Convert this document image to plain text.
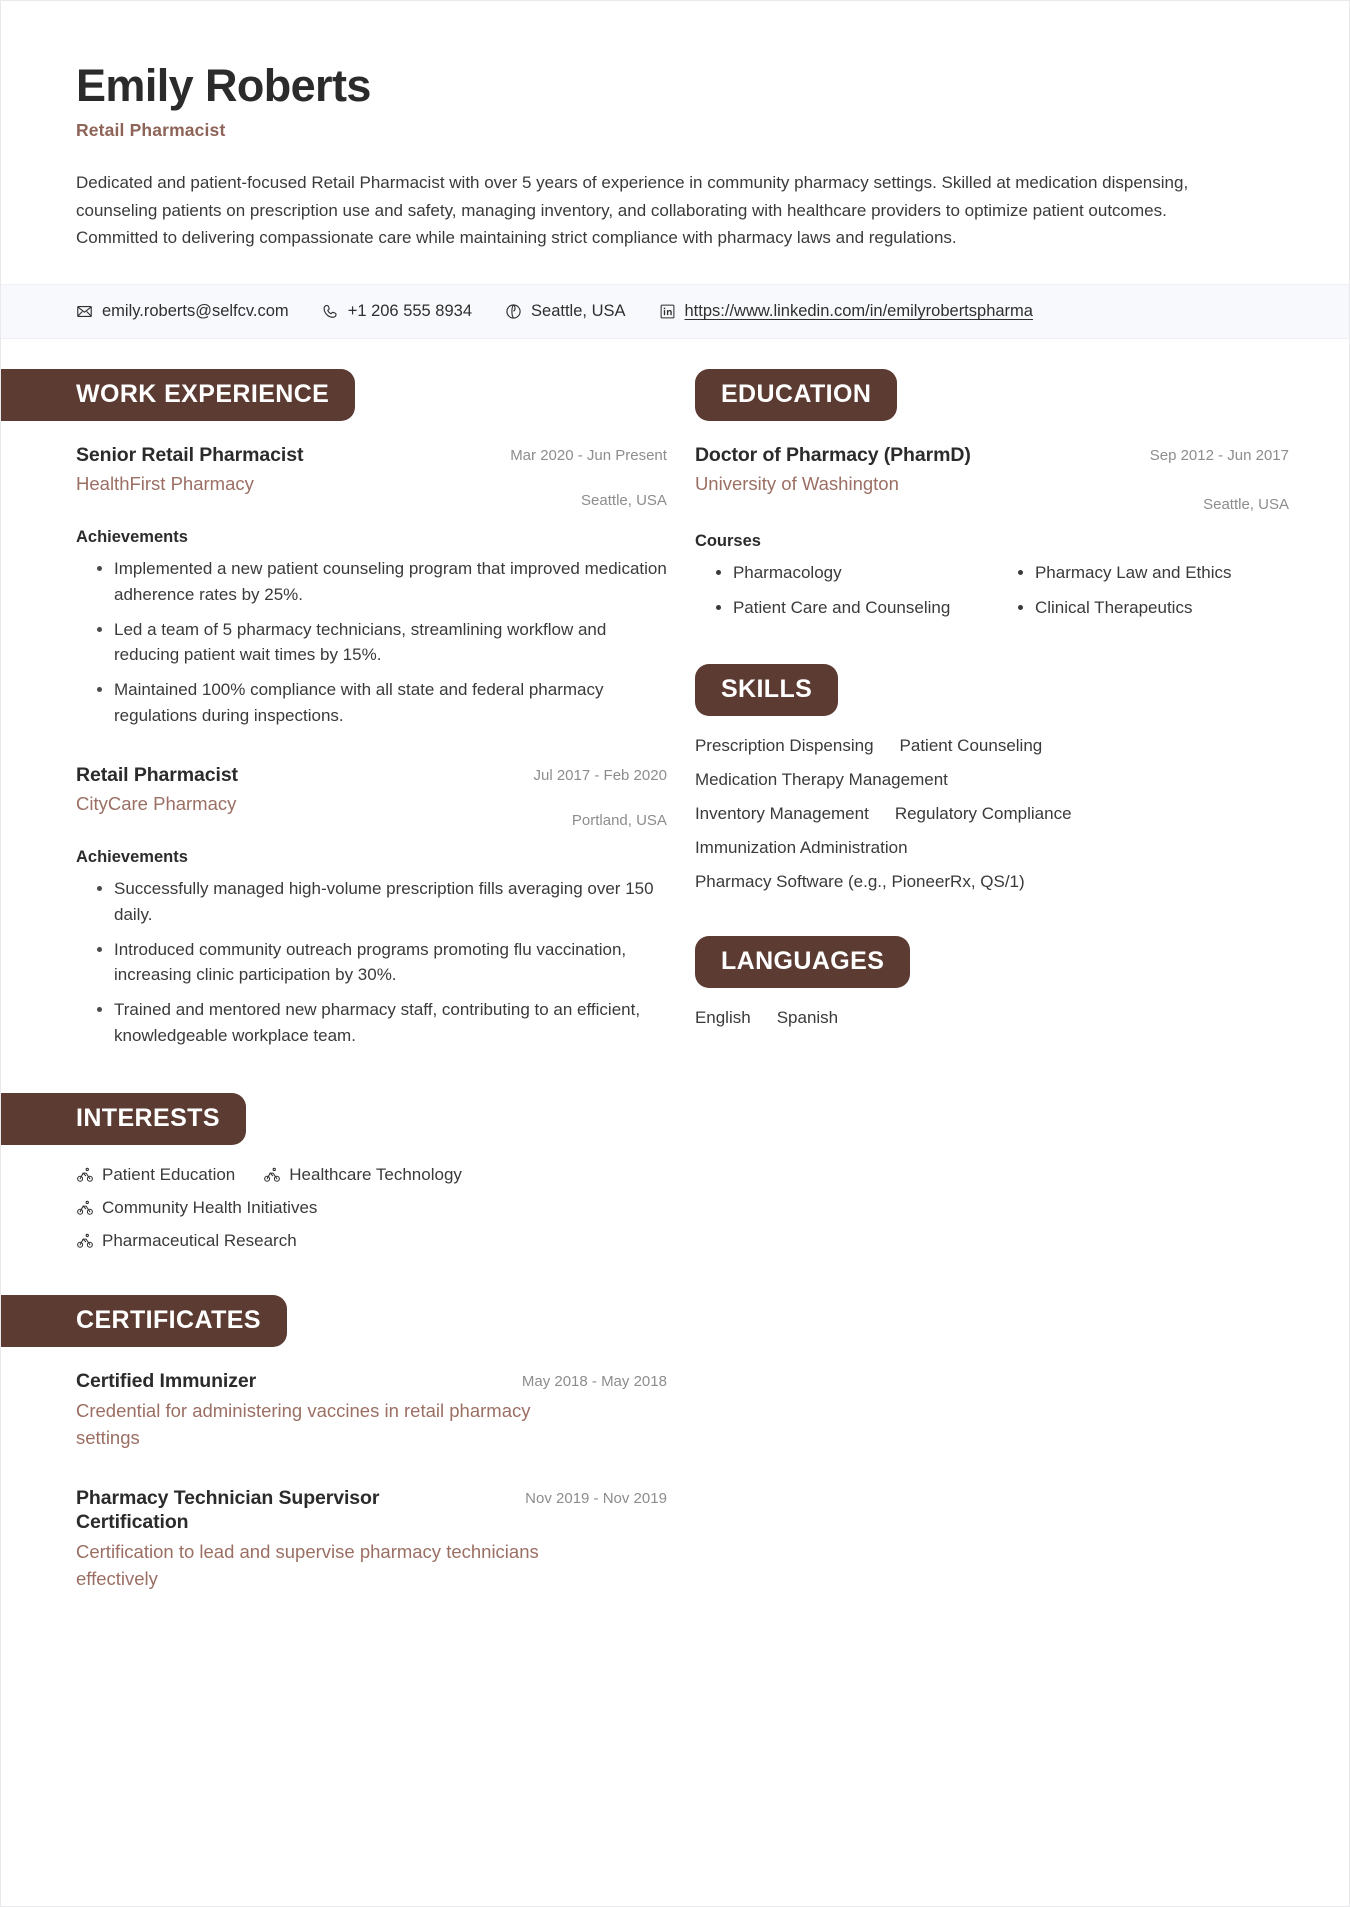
Emily Roberts
Retail Pharmacist
Dedicated and patient-focused Retail Pharmacist with over 5 years of experience in community pharmacy settings. Skilled at medication dispensing, counseling patients on prescription use and safety, managing inventory, and collaborating with healthcare providers to optimize patient outcomes. Committed to delivering compassionate care while maintaining strict compliance with pharmacy laws and regulations.
emily.roberts@selfcv.com	+1 206 555 8934	Seattle, USA	https://www.linkedin.com/in/emilyrobertspharma
WORK EXPERIENCE
Senior Retail Pharmacist
HealthFirst Pharmacy
Mar 2020 - Jun Present
Seattle, USA
Achievements
• Implemented a new patient counseling program that improved medication adherence rates by 25%.
• Led a team of 5 pharmacy technicians, streamlining workflow and reducing patient wait times by 15%.
• Maintained 100% compliance with all state and federal pharmacy regulations during inspections.
Retail Pharmacist
CityCare Pharmacy
Jul 2017 - Feb 2020
Portland, USA
Achievements
• Successfully managed high-volume prescription fills averaging over 150 daily.
• Introduced community outreach programs promoting flu vaccination, increasing clinic participation by 30%.
• Trained and mentored new pharmacy staff, contributing to an efficient, knowledgeable workplace team.
INTERESTS
Patient Education	Healthcare Technology
Community Health Initiatives
Pharmaceutical Research
CERTIFICATES
Certified Immunizer	May 2018 - May 2018
Credential for administering vaccines in retail pharmacy settings
Pharmacy Technician Supervisor Certification
Nov 2019 - Nov 2019
Certification to lead and supervise pharmacy technicians effectively
EDUCATION
Doctor of Pharmacy (PharmD)
University of Washington
Sep 2012 - Jun 2017
Seattle, USA
Courses
• Pharmacology	• Pharmacy Law and Ethics
• Patient Care and Counseling	• Clinical Therapeutics
SKILLS
Prescription Dispensing Patient Counseling
Medication Therapy Management
Inventory Management Regulatory Compliance
Immunization Administration
Pharmacy Software (e.g., PioneerRx, QS/1)
LANGUAGES
English Spanish
